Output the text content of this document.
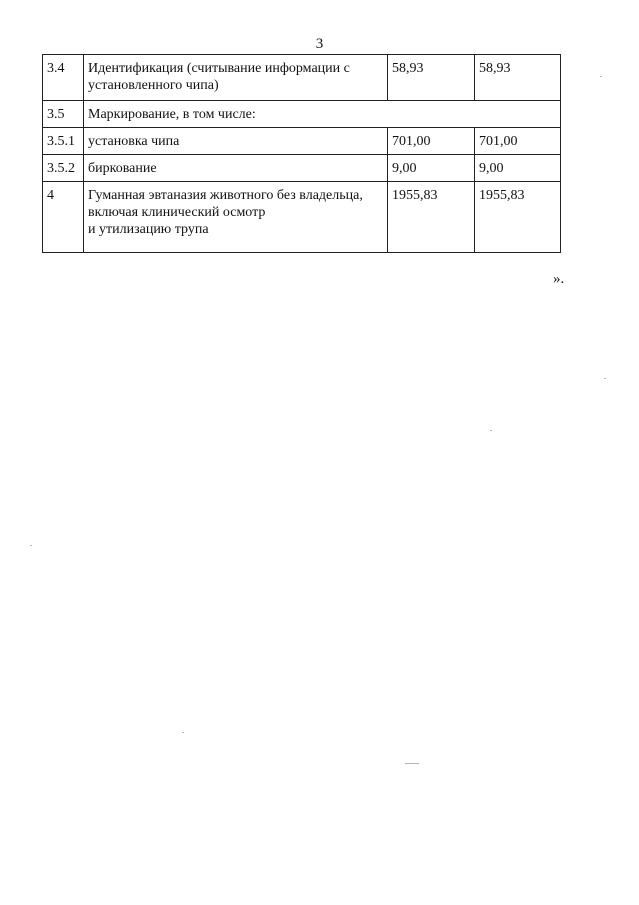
3
3.4	Идентификация (считывание информации с установленного чипа)	58,93	58,93
3.5	Маркирование, в том числе:		
3.5.1	установка чипа	701,00	701,00
3.5.2	биркование	9,00	9,00
4	Гуманная эвтаназия животного без владельца,
включая клинический осмотр
и утилизацию трупа	1955,83	1955,83
».
